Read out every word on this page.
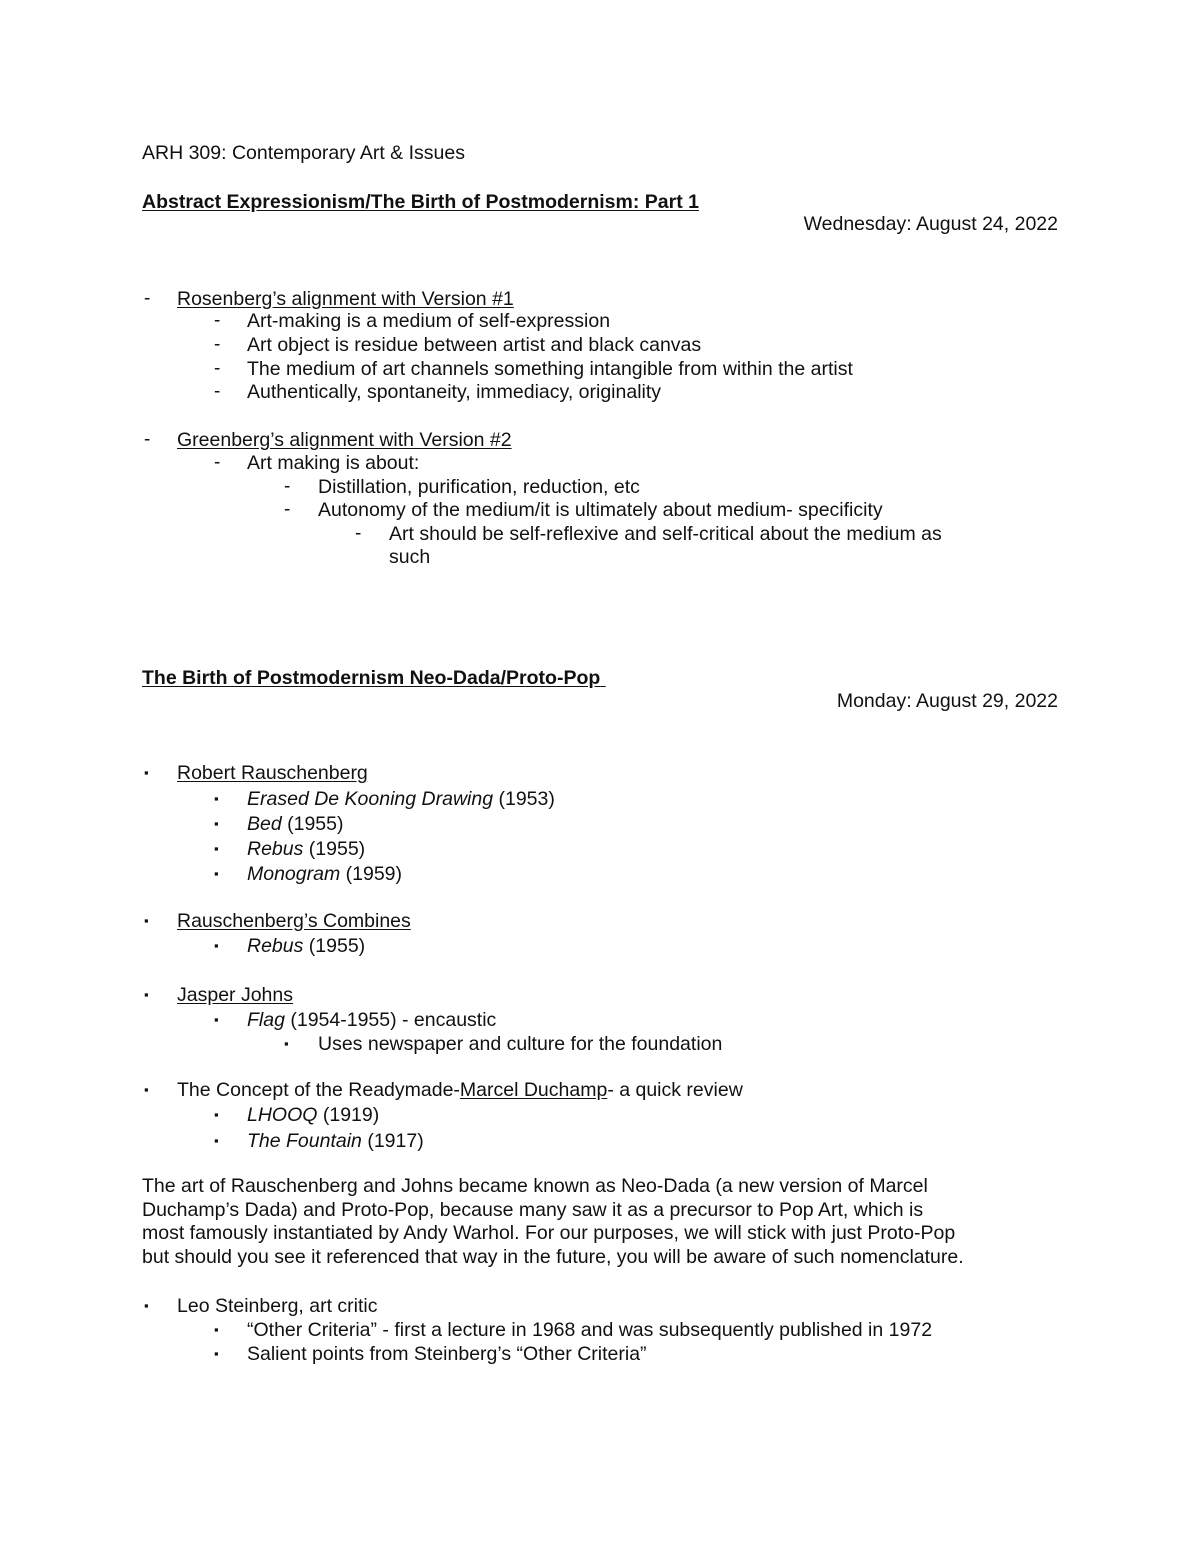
ARH 309: Contemporary Art & Issues
Abstract Expressionism/The Birth of Postmodernism: Part 1
Wednesday: August 24, 2022
- Rosenberg’s alignment with Version #1
- Art-making is a medium of self-expression
- Art object is residue between artist and black canvas
- The medium of art channels something intangible from within the artist
- Authentically, spontaneity, immediacy, originality
- Greenberg’s alignment with Version #2
- Art making is about:
- Distillation, purification, reduction, etc
- Autonomy of the medium/it is ultimately about medium- specificity
- Art should be self-reflexive and self-critical about the medium as
such
The Birth of Postmodernism Neo-Dada/Proto-Pop
Monday: August 29, 2022
▪ Robert Rauschenberg
▪ Erased De Kooning Drawing (1953)
▪ Bed (1955)
▪ Rebus (1955)
▪ Monogram (1959)
▪ Rauschenberg’s Combines
▪ Rebus (1955)
▪ Jasper Johns
▪ Flag (1954-1955) - encaustic
▪ Uses newspaper and culture for the foundation
▪ The Concept of the Readymade-Marcel Duchamp- a quick review
▪ LHOOQ (1919)
▪ The Fountain (1917)
The art of Rauschenberg and Johns became known as Neo-Dada (a new version of Marcel
Duchamp’s Dada) and Proto-Pop, because many saw it as a precursor to Pop Art, which is
most famously instantiated by Andy Warhol. For our purposes, we will stick with just Proto-Pop
but should you see it referenced that way in the future, you will be aware of such nomenclature.
▪ Leo Steinberg, art critic
▪ “Other Criteria” - first a lecture in 1968 and was subsequently published in 1972
▪ Salient points from Steinberg’s “Other Criteria”
